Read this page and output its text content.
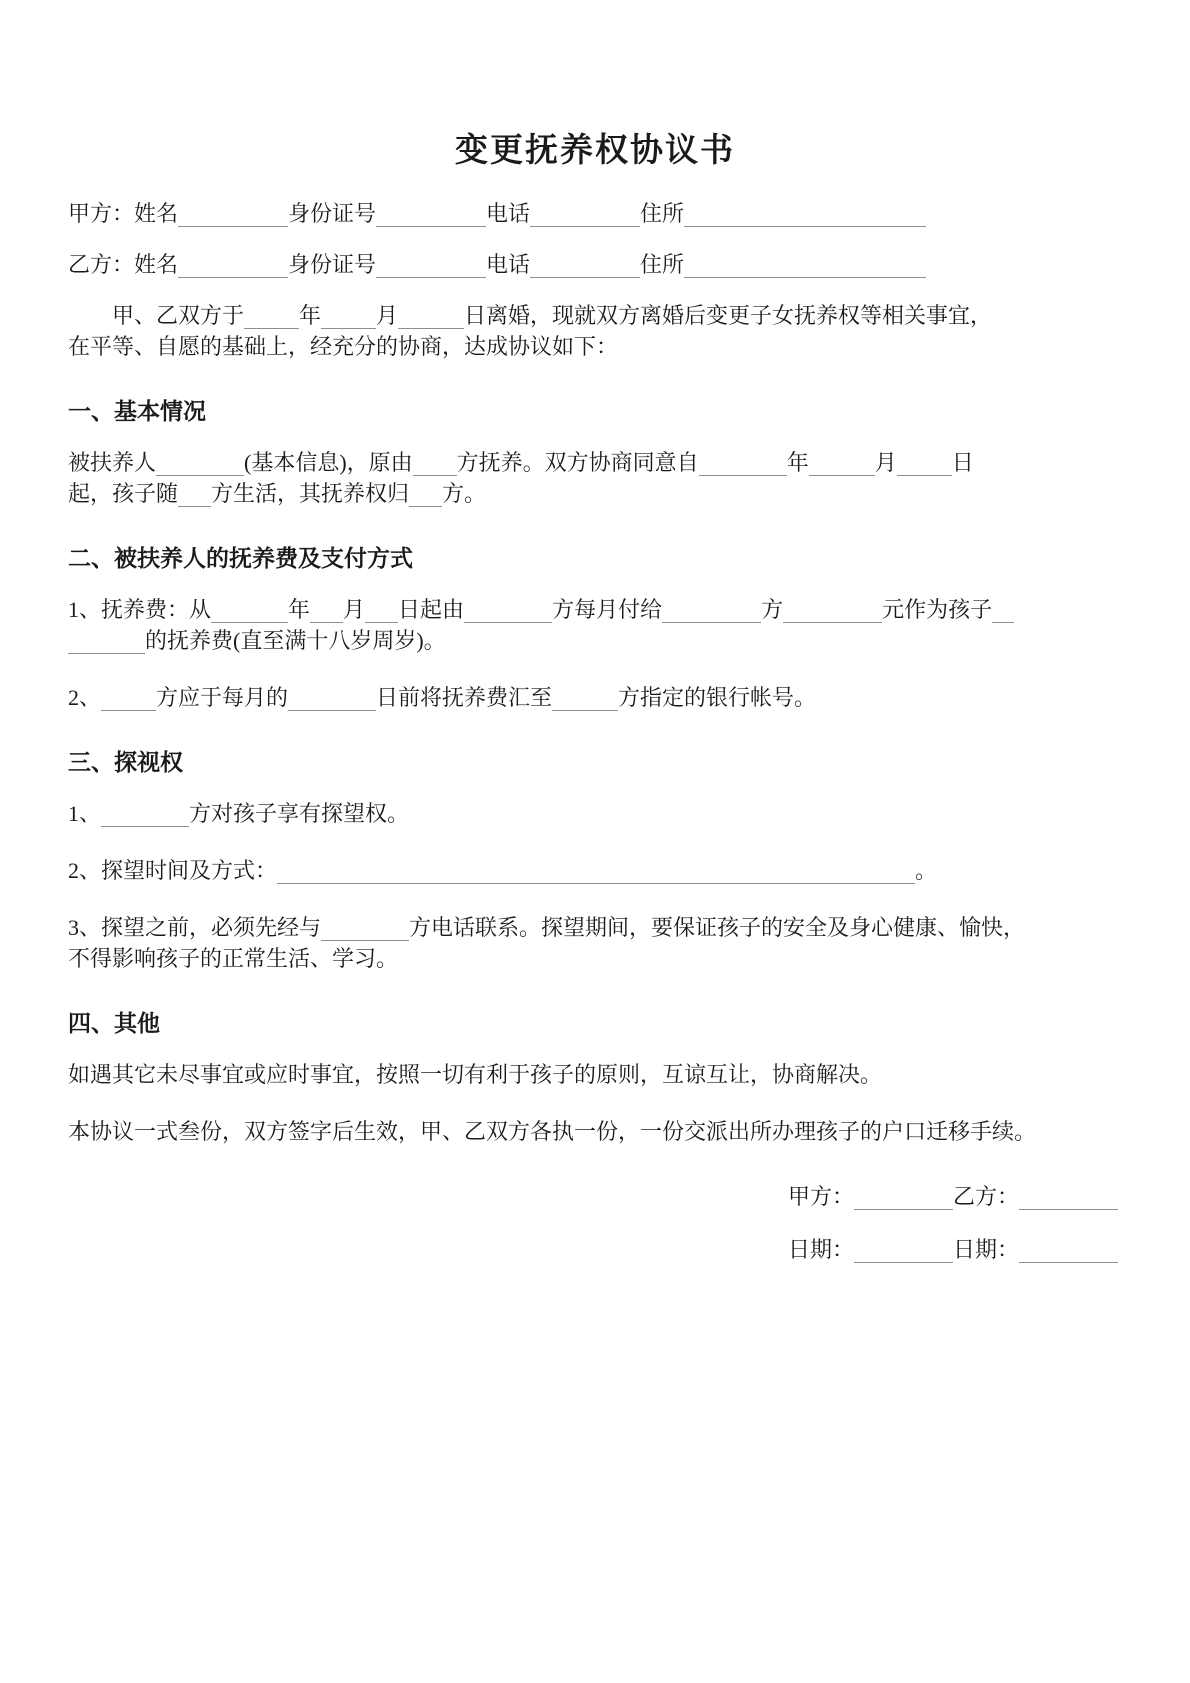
变更抚养权协议书

甲方：姓名	身份证号	电话	住所

乙方：姓名	身份证号	电话	住所

甲、乙双方于	年	月	日离婚，现就双方离婚后变更子女抚养权等相关事宜，
在平等、自愿的基础上，经充分的协商，达成协议如下：

一、基本情况

被扶养人	(基本信息)，原由 方抚养。双方协商同意自	年	月	日
起，孩子随 方生活，其抚养权归 方。

二、被扶养人的抚养费及支付方式

1、抚养费：从	年 月 日起由	方每月付给	方	元作为孩子
的抚养费(直至满十八岁周岁)。

2、	方应于每月的	日前将抚养费汇至	方指定的银行帐号。

三、探视权

1、	方对孩子享有探望权。

2、探望时间及方式：	。

3、探望之前，必须先经与	方电话联系。探望期间，要保证孩子的安全及身心健康、愉快，
不得影响孩子的正常生活、学习。

四、其他

如遇其它未尽事宜或应时事宜，按照一切有利于孩子的原则，互谅互让，协商解决。

本协议一式叁份，双方签字后生效，甲、乙双方各执一份，一份交派出所办理孩子的户口迁移手续。

甲方：	乙方：

日期：	日期：
